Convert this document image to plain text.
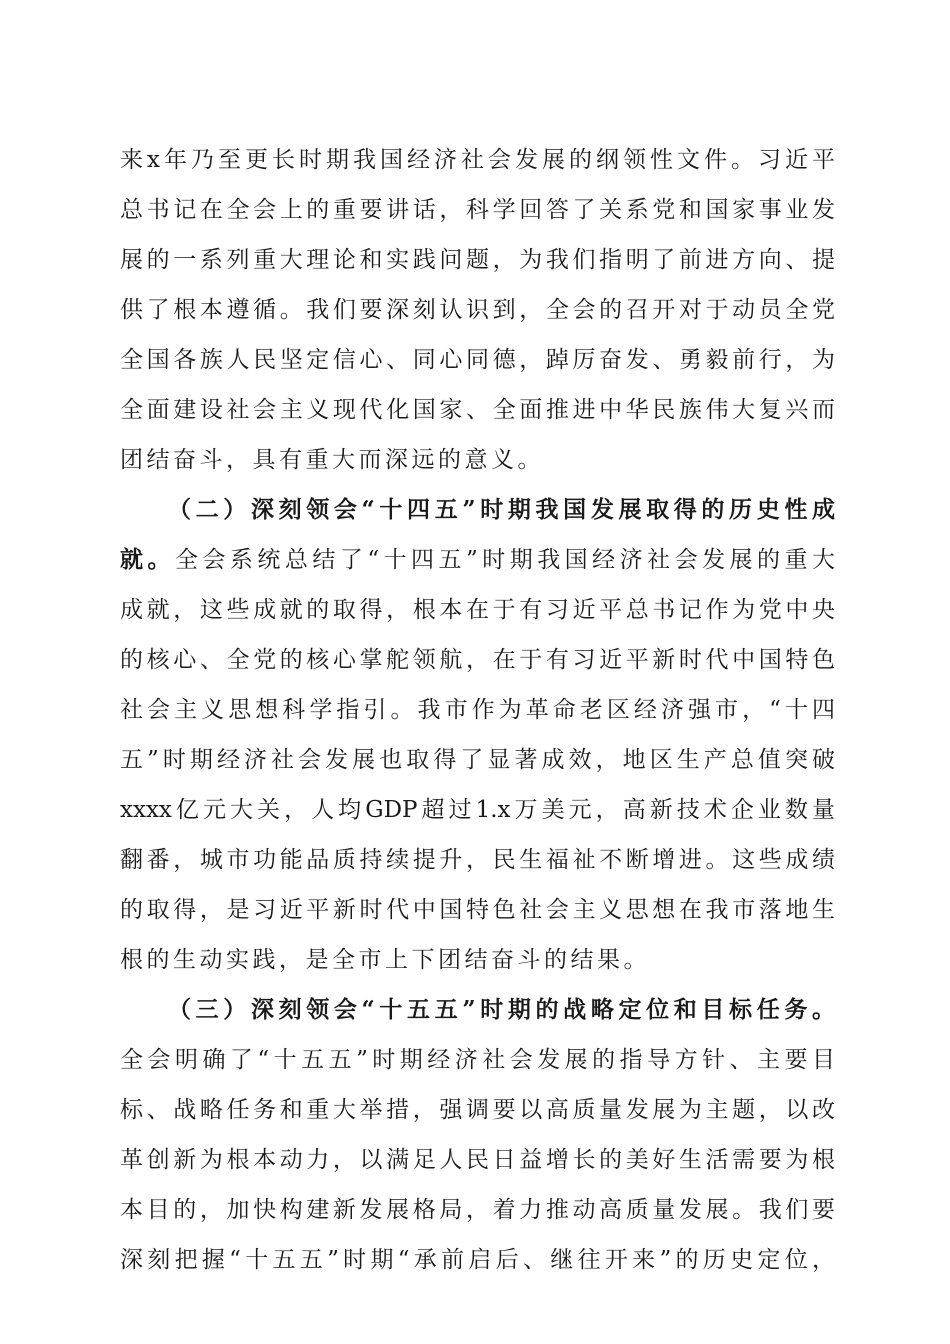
来x年乃至更长时期我国经济社会发展的纲领性文件。习近平
总书记在全会上的重要讲话，科学回答了关系党和国家事业发
展的一系列重大理论和实践问题，为我们指明了前进方向、提
供了根本遵循。我们要深刻认识到，全会的召开对于动员全党
全国各族人民坚定信心、同心同德，踔厉奋发、勇毅前行，为
全面建设社会主义现代化国家、全面推进中华民族伟大复兴而
团结奋斗，具有重大而深远的意义。
（二）深刻领会“十四五”时期我国发展取得的历史性成
就。全会系统总结了“十四五”时期我国经济社会发展的重大
成就，这些成就的取得，根本在于有习近平总书记作为党中央
的核心、全党的核心掌舵领航，在于有习近平新时代中国特色
社会主义思想科学指引。我市作为革命老区经济强市，“十四
五”时期经济社会发展也取得了显著成效，地区生产总值突破
xxxx亿元大关，人均GDP超过1.x万美元，高新技术企业数量
翻番，城市功能品质持续提升，民生福祉不断增进。这些成绩
的取得，是习近平新时代中国特色社会主义思想在我市落地生
根的生动实践，是全市上下团结奋斗的结果。
（三）深刻领会“十五五”时期的战略定位和目标任务。
全会明确了“十五五”时期经济社会发展的指导方针、主要目
标、战略任务和重大举措，强调要以高质量发展为主题，以改
革创新为根本动力，以满足人民日益增长的美好生活需要为根
本目的，加快构建新发展格局，着力推动高质量发展。我们要
深刻把握“十五五”时期“承前启后、继往开来”的历史定位，
